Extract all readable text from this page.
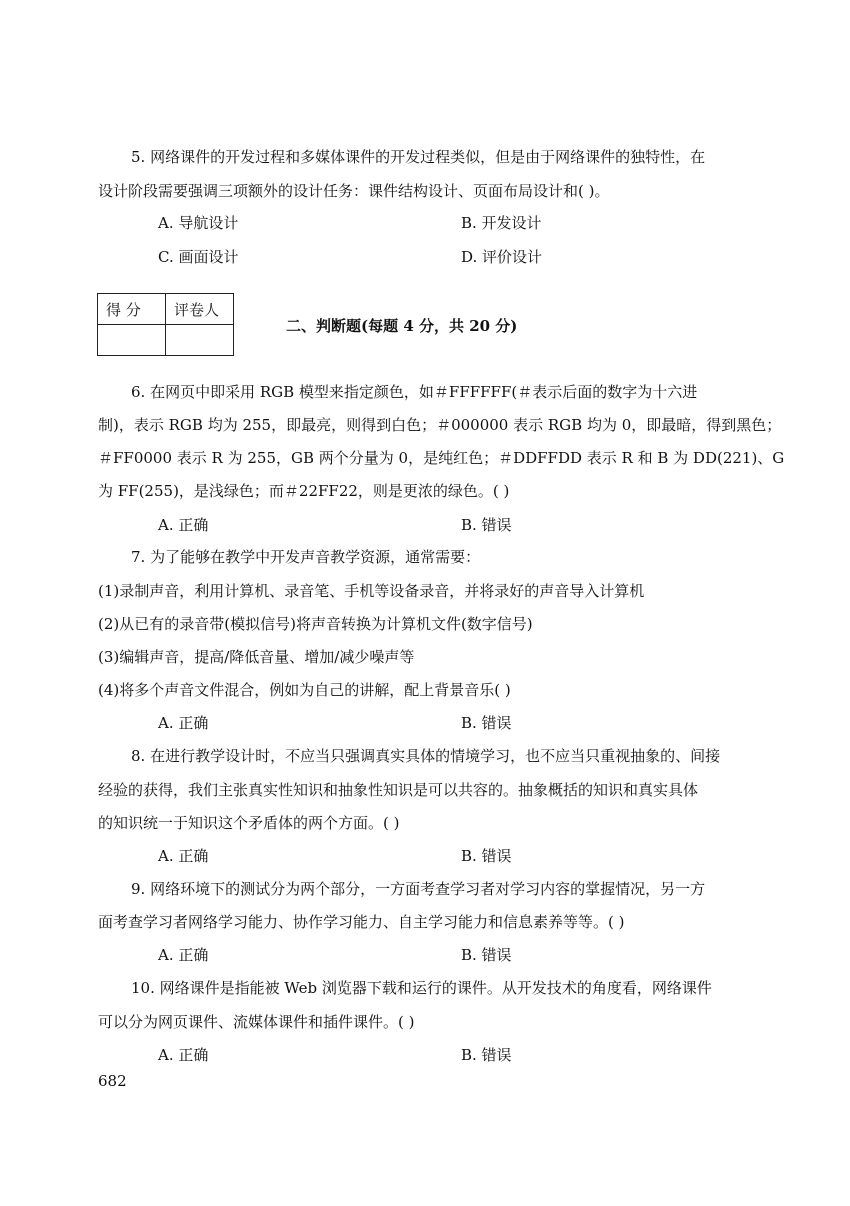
5. 网络课件的开发过程和多媒体课件的开发过程类似，但是由于网络课件的独特性，在
设计阶段需要强调三项额外的设计任务：课件结构设计、页面布局设计和( )。
A. 导航设计	B. 开发设计
C. 画面设计	D. 评价设计
得 分	评卷人

二、判断题(每题 4 分，共 20 分)
6. 在网页中即采用 RGB 模型来指定颜色，如＃FFFFFF(＃表示后面的数字为十六进
制)，表示 RGB 均为 255，即最亮，则得到白色；＃000000 表示 RGB 均为 0，即最暗，得到黑色；
＃FF0000 表示 R 为 255，GB 两个分量为 0，是纯红色；＃DDFFDD 表示 R 和 B 为 DD(221)、G
为 FF(255)，是浅绿色；而＃22FF22，则是更浓的绿色。( )
A. 正确	B. 错误
7. 为了能够在教学中开发声音教学资源，通常需要：
(1)录制声音，利用计算机、录音笔、手机等设备录音，并将录好的声音导入计算机
(2)从已有的录音带(模拟信号)将声音转换为计算机文件(数字信号)
(3)编辑声音，提高/降低音量、增加/减少噪声等
(4)将多个声音文件混合，例如为自己的讲解，配上背景音乐( )
A. 正确	B. 错误
8. 在进行教学设计时，不应当只强调真实具体的情境学习，也不应当只重视抽象的、间接
经验的获得，我们主张真实性知识和抽象性知识是可以共容的。抽象概括的知识和真实具体
的知识统一于知识这个矛盾体的两个方面。( )
A. 正确	B. 错误
9. 网络环境下的测试分为两个部分，一方面考查学习者对学习内容的掌握情况，另一方
面考查学习者网络学习能力、协作学习能力、自主学习能力和信息素养等等。( )
A. 正确	B. 错误
10. 网络课件是指能被 Web 浏览器下载和运行的课件。从开发技术的角度看，网络课件
可以分为网页课件、流媒体课件和插件课件。( )
A. 正确	B. 错误
682
